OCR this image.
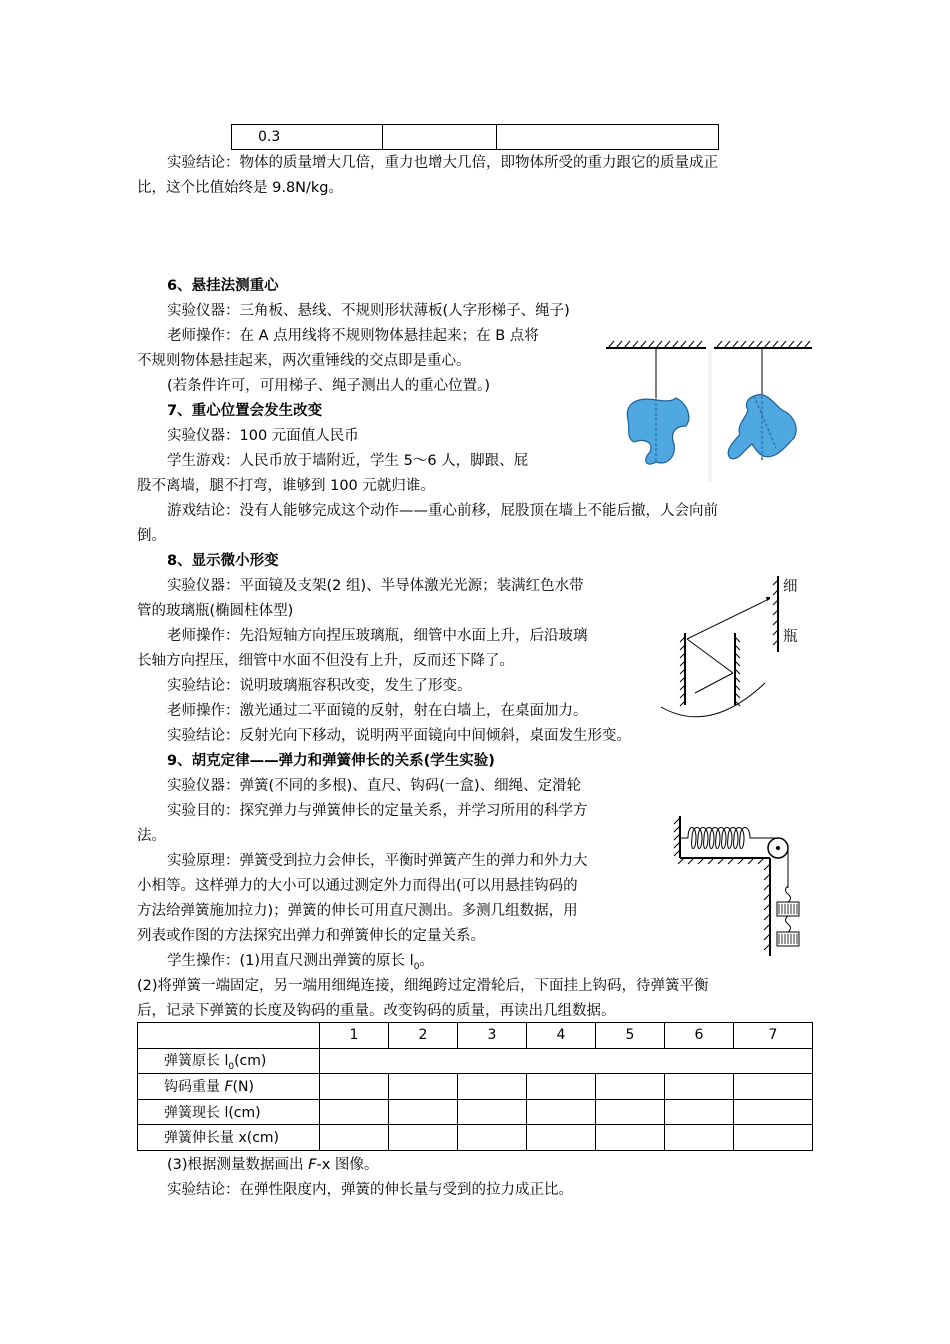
0.3		
实验结论：物体的质量增大几倍，重力也增大几倍，即物体所受的重力跟它的质量成正
比，这个比值始终是 9.8N/kg。
6、悬挂法测重心
实验仪器：三角板、悬线、不规则形状薄板(人字形梯子、绳子)
老师操作：在 A 点用线将不规则物体悬挂起来；在 B 点将
不规则物体悬挂起来，两次重锤线的交点即是重心。
(若条件许可，可用梯子、绳子测出人的重心位置。)
7、重心位置会发生改变
实验仪器：100 元面值人民币
学生游戏：人民币放于墙附近，学生 5～6 人，脚跟、屁
股不离墙，腿不打弯，谁够到 100 元就归谁。
游戏结论：没有人能够完成这个动作——重心前移，屁股顶在墙上不能后撤，人会向前
倒。
8、显示微小形变
实验仪器：平面镜及支架(2 组)、半导体激光光源；装满红色水带
管的玻璃瓶(椭圆柱体型)
老师操作：先沿短轴方向捏压玻璃瓶，细管中水面上升，后沿玻璃
长轴方向捏压，细管中水面不但没有上升，反而还下降了。
实验结论：说明玻璃瓶容积改变，发生了形变。
老师操作：激光通过二平面镜的反射，射在白墙上，在桌面加力。
实验结论：反射光向下移动，说明两平面镜向中间倾斜，桌面发生形变。
细
瓶
9、胡克定律——弹力和弹簧伸长的关系(学生实验)
实验仪器：弹簧(不同的多根)、直尺、钩码(一盒)、细绳、定滑轮
实验目的：探究弹力与弹簧伸长的定量关系，并学习所用的科学方
法。
实验原理：弹簧受到拉力会伸长，平衡时弹簧产生的弹力和外力大
小相等。这样弹力的大小可以通过测定外力而得出(可以用悬挂钩码的
方法给弹簧施加拉力)；弹簧的伸长可用直尺测出。多测几组数据，用
列表或作图的方法探究出弹力和弹簧伸长的定量关系。
学生操作：(1)用直尺测出弹簧的原长 $l_0$。
(2)将弹簧一端固定，另一端用细绳连接，细绳跨过定滑轮后，下面挂上钩码，待弹簧平衡
后，记录下弹簧的长度及钩码的重量。改变钩码的质量，再读出几组数据。
	1	2	3	4	5	6	7
弹簧原长 $l_0(cm)$							
钩码重量 F(N)							
弹簧现长 l(cm)							
弹簧伸长量 x(cm)							
(3)根据测量数据画出 F-x 图像。
实验结论：在弹性限度内，弹簧的伸长量与受到的拉力成正比。
